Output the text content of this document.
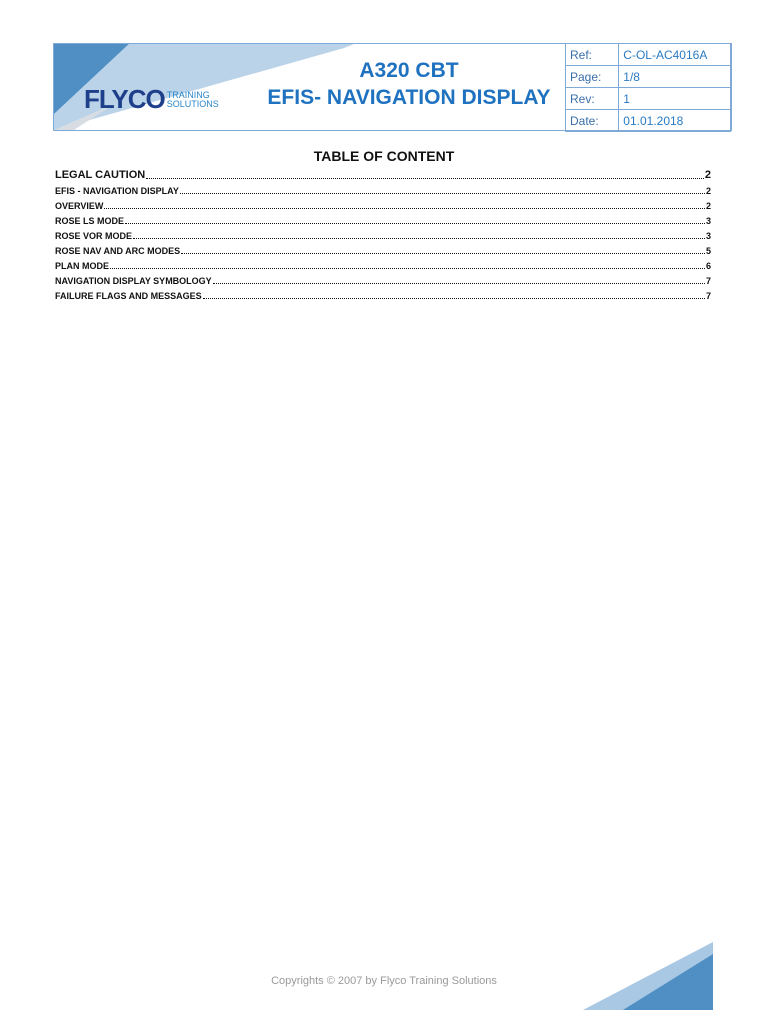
FLYCO TRAINING
SOLUTIONS
A320 CBT
EFIS- NAVIGATION DISPLAY
Ref:	C-OL-AC4016A
Page:	1/8
Rev:	1
Date:	01.01.2018
TABLE OF CONTENT
LEGAL CAUTION	2
EFIS - NAVIGATION DISPLAY	2
OVERVIEW	2
ROSE LS MODE	3
ROSE VOR MODE	3
ROSE NAV AND ARC MODES	5
PLAN MODE	6
NAVIGATION DISPLAY SYMBOLOGY	7
FAILURE FLAGS AND MESSAGES	7
Copyrights © 2007 by Flyco Training Solutions
